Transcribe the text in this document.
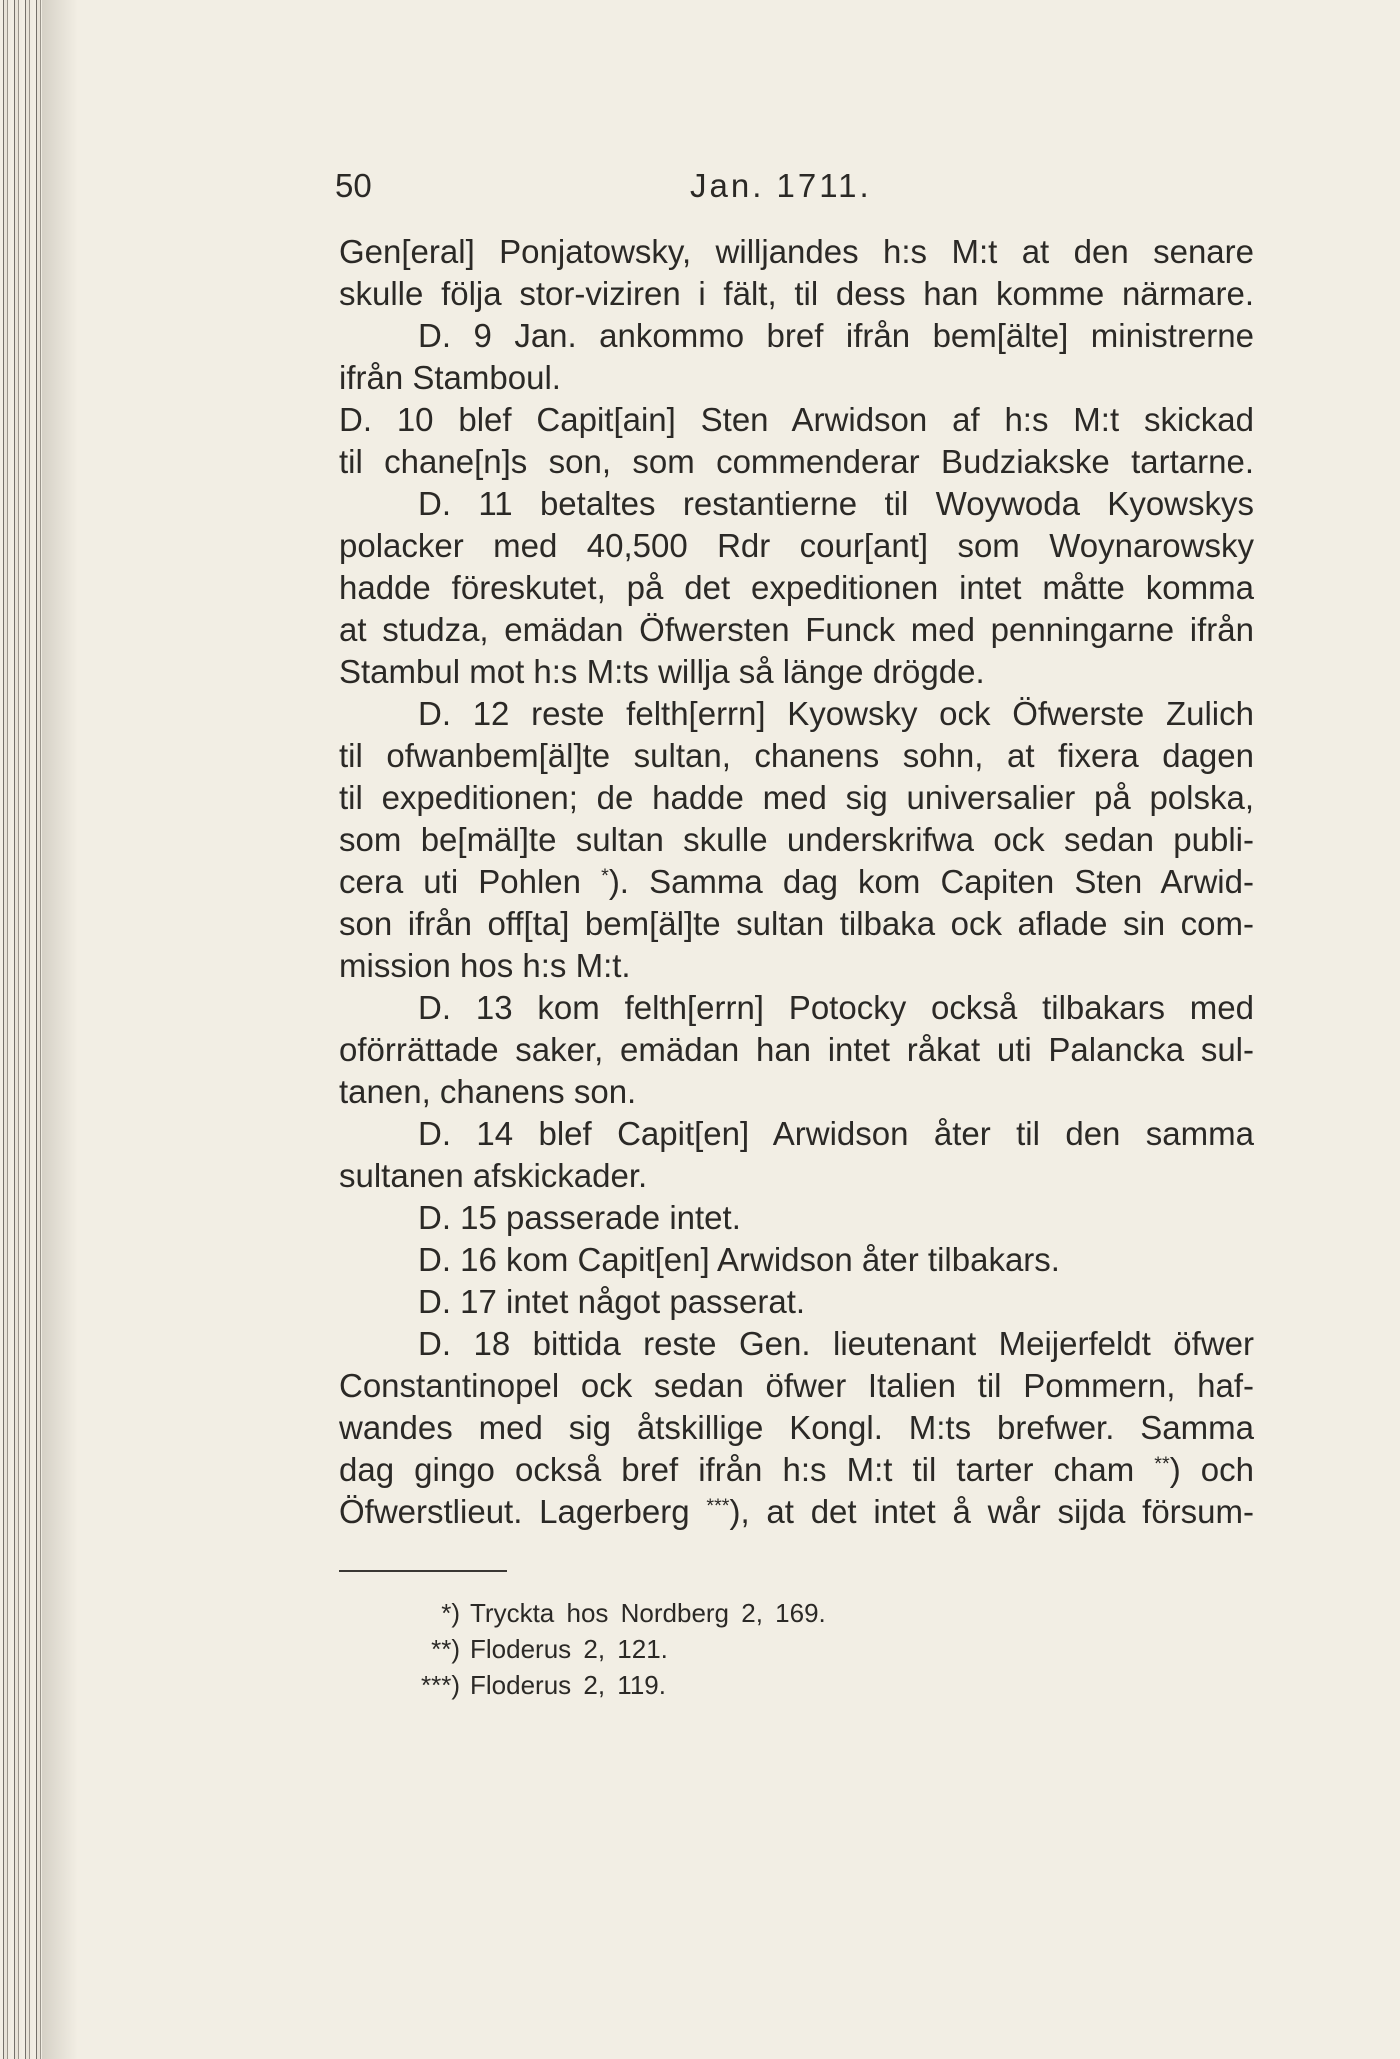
50	Jan. 1711.
Gen[eral] Ponjatowsky, willjandes h:s M:t at den senare
skulle följa stor-viziren i fält, til dess han komme närmare.
D. 9 Jan. ankommo bref ifrån bem[älte] ministrerne
ifrån Stamboul.
D. 10 blef Capit[ain] Sten Arwidson af h:s M:t skickad
til chane[n]s son, som commenderar Budziakske tartarne.
D. 11 betaltes restantierne til Woywoda Kyowskys
polacker med 40,500 Rdr cour[ant] som Woynarowsky
hadde föreskutet, på det expeditionen intet måtte komma
at studza, emädan Öfwersten Funck med penningarne ifrån
Stambul mot h:s M:ts willja så länge drögde.
D. 12 reste felth[errn] Kyowsky ock Öfwerste Zulich
til ofwanbem[äl]te sultan, chanens sohn, at fixera dagen
til expeditionen; de hadde med sig universalier på polska,
som be[mäl]te sultan skulle underskrifwa ock sedan publi-
cera uti Pohlen *). Samma dag kom Capiten Sten Arwid-
son ifrån off[ta] bem[äl]te sultan tilbaka ock aflade sin com-
mission hos h:s M:t.
D. 13 kom felth[errn] Potocky också tilbakars med
oförrättade saker, emädan han intet råkat uti Palancka sul-
tanen, chanens son.
D. 14 blef Capit[en] Arwidson åter til den samma
sultanen afskickader.
D. 15 passerade intet.
D. 16 kom Capit[en] Arwidson åter tilbakars.
D. 17 intet något passerat.
D. 18 bittida reste Gen. lieutenant Meijerfeldt öfwer
Constantinopel ock sedan öfwer Italien til Pommern, haf-
wandes med sig åtskillige Kongl. M:ts brefwer. Samma
dag gingo också bref ifrån h:s M:t til tarter cham **) och
Öfwerstlieut. Lagerberg ***), at det intet å wår sijda försum-
*) Tryckta hos Nordberg 2, 169.
**) Floderus 2, 121.
***) Floderus 2, 119.
